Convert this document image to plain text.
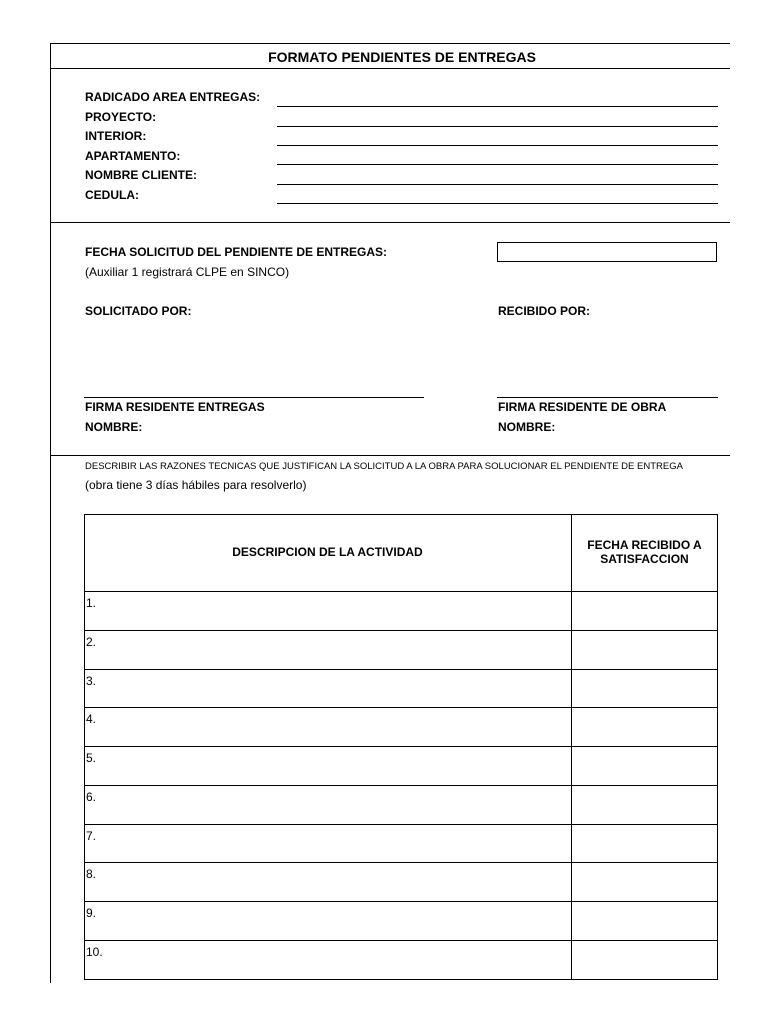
FORMATO PENDIENTES DE ENTREGAS
RADICADO AREA ENTREGAS:
PROYECTO:
INTERIOR:
APARTAMENTO:
NOMBRE CLIENTE:
CEDULA:
FECHA SOLICITUD DEL PENDIENTE DE ENTREGAS:
(Auxiliar 1 registrará CLPE en SINCO)
SOLICITADO POR:	RECIBIDO POR:
FIRMA RESIDENTE ENTREGAS	FIRMA RESIDENTE DE OBRA
NOMBRE:	NOMBRE:
DESCRIBIR LAS RAZONES TECNICAS QUE JUSTIFICAN LA SOLICITUD A LA OBRA PARA SOLUCIONAR EL PENDIENTE DE ENTREGA
(obra tiene 3 días hábiles para resolverlo)
DESCRIPCION DE LA ACTIVIDAD	FECHA RECIBIDO A
SATISFACCION
1.
2.
3.
4.
5.
6.
7.
8.
9.
10.
